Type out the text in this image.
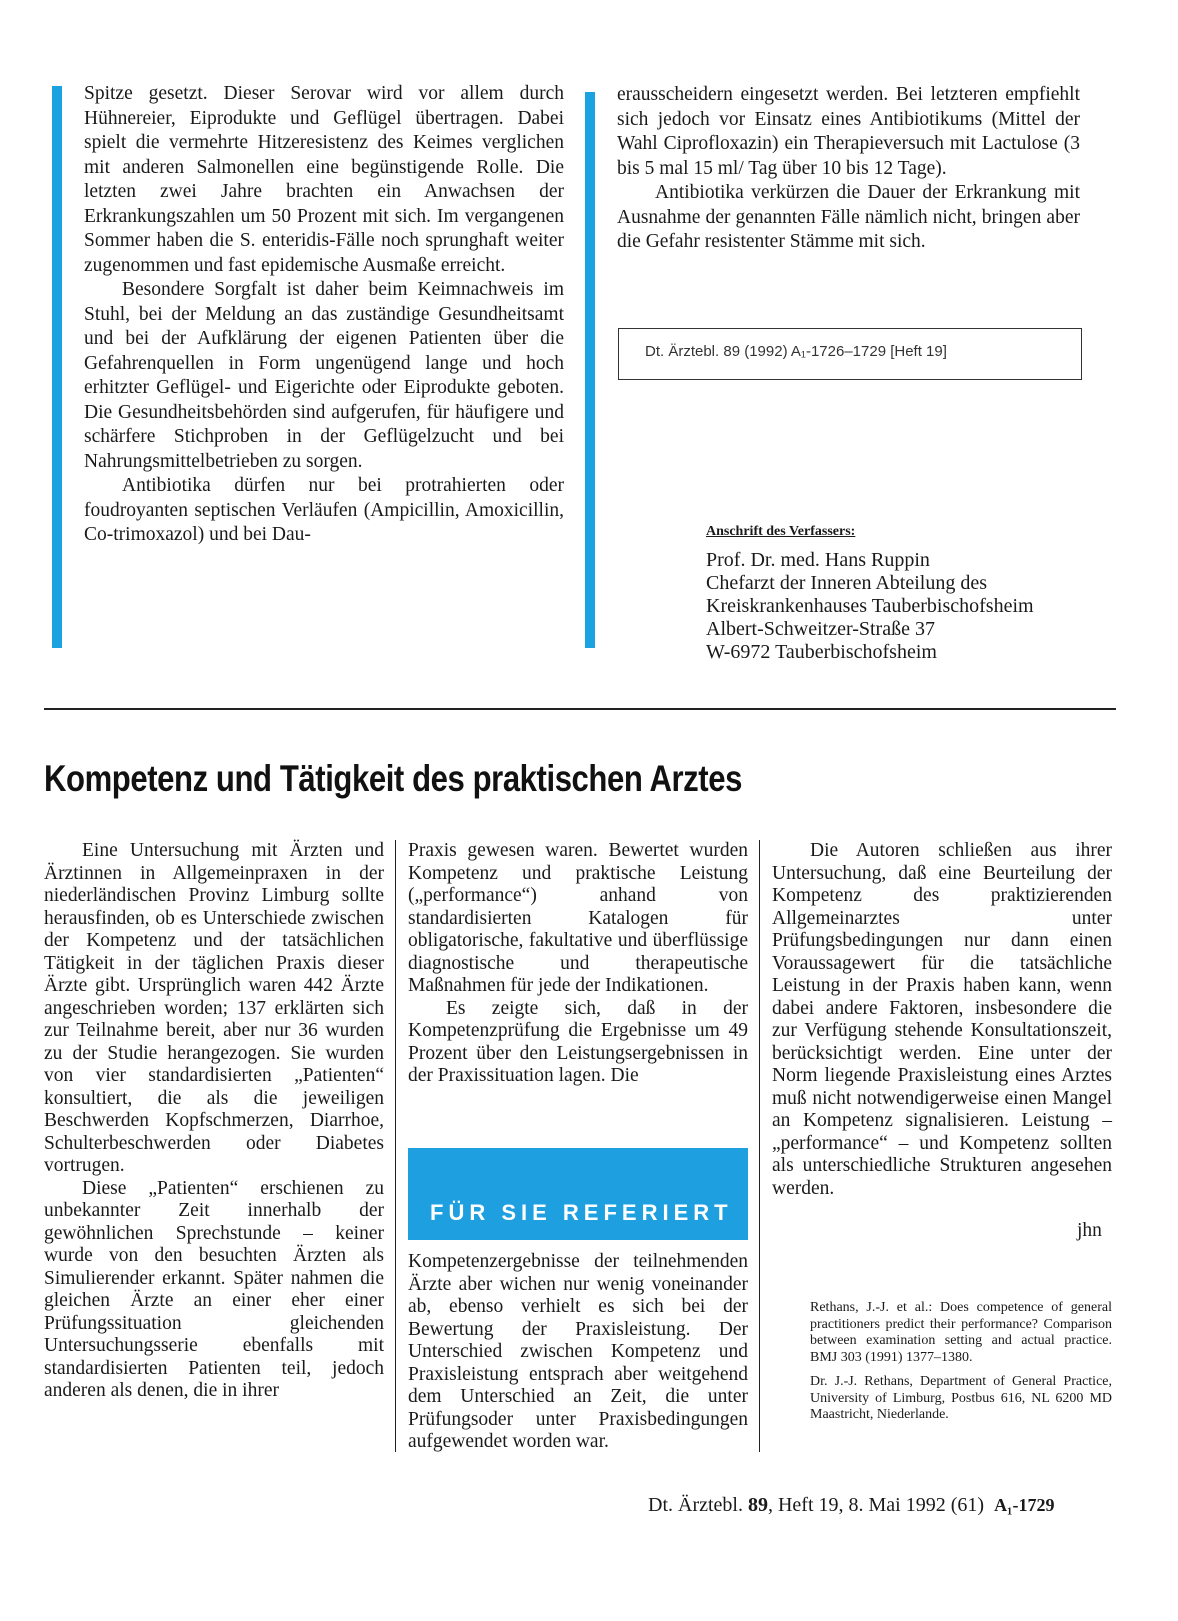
Spitze gesetzt. Dieser Serovar wird vor allem durch Hühnereier, Eiprodukte und Geflügel übertragen. Dabei spielt die vermehrte Hitzeresistenz des Keimes verglichen mit anderen Salmonellen eine begünstigende Rolle. Die letzten zwei Jahre brachten ein Anwachsen der Erkrankungszahlen um 50 Prozent mit sich. Im vergangenen Sommer haben die S. enteridis-Fälle noch sprunghaft weiter zugenommen und fast epidemische Ausmaße erreicht.

Besondere Sorgfalt ist daher beim Keimnachweis im Stuhl, bei der Meldung an das zuständige Gesundheitsamt und bei der Aufklärung der eigenen Patienten über die Gefahrenquellen in Form ungenügend lange und hoch erhitzter Geflügel- und Eigerichte oder Eiprodukte geboten. Die Gesundheitsbehörden sind aufgerufen, für häufigere und schärfere Stichproben in der Geflügelzucht und bei Nahrungsmittelbetrieben zu sorgen.

Antibiotika dürfen nur bei protrahierten oder foudroyanten septischen Verläufen (Ampicillin, Amoxicillin, Co-trimoxazol) und bei Dau-

erausscheidern eingesetzt werden. Bei letzteren empfiehlt sich jedoch vor Einsatz eines Antibiotikums (Mittel der Wahl Ciprofloxazin) ein Therapieversuch mit Lactulose (3 bis 5 mal 15 ml/ Tag über 10 bis 12 Tage).

Antibiotika verkürzen die Dauer der Erkrankung mit Ausnahme der genannten Fälle nämlich nicht, bringen aber die Gefahr resistenter Stämme mit sich.

Dt. Ärztebl. 89 (1992) A₁-1726–1729 [Heft 19]
Anschrift des Verfassers:
Prof. Dr. med. Hans Ruppin
Chefarzt der Inneren Abteilung des
Kreiskrankenhauses Tauberbischofsheim
Albert-Schweitzer-Straße 37
W-6972 Tauberbischofsheim
Kompetenz und Tätigkeit des praktischen Arztes

Eine Untersuchung mit Ärzten und Ärztinnen in Allgemeinpraxen in der niederländischen Provinz Limburg sollte herausfinden, ob es Unterschiede zwischen der Kompetenz und der tatsächlichen Tätigkeit in der täglichen Praxis dieser Ärzte gibt. Ursprünglich waren 442 Ärzte angeschrieben worden; 137 erklärten sich zur Teilnahme bereit, aber nur 36 wurden zu der Studie herangezogen. Sie wurden von vier standardisierten „Patienten“ konsultiert, die als die jeweiligen Beschwerden Kopfschmerzen, Diarrhoe, Schulterbeschwerden oder Diabetes vortrugen.

Diese „Patienten“ erschienen zu unbekannter Zeit innerhalb der gewöhnlichen Sprechstunde – keiner wurde von den besuchten Ärzten als Simulierender erkannt. Später nahmen die gleichen Ärzte an einer eher einer Prüfungssituation gleichenden Untersuchungsserie ebenfalls mit standardisierten Patienten teil, jedoch anderen als denen, die in ihrer

Praxis gewesen waren. Bewertet wurden Kompetenz und praktische Leistung („performance“) anhand von standardisierten Katalogen für obligatorische, fakultative und überflüssige diagnostische und therapeutische Maßnahmen für jede der Indikationen.

Es zeigte sich, daß in der Kompetenzprüfung die Ergebnisse um 49 Prozent über den Leistungsergebnissen in der Praxissituation lagen. Die

FÜR SIE REFERIERT

Kompetenzergebnisse der teilnehmenden Ärzte aber wichen nur wenig voneinander ab, ebenso verhielt es sich bei der Bewertung der Praxisleistung. Der Unterschied zwischen Kompetenz und Praxisleistung entsprach aber weitgehend dem Unterschied an Zeit, die unter Prüfungsoder unter Praxisbedingungen aufgewendet worden war.

Die Autoren schließen aus ihrer Untersuchung, daß eine Beurteilung der Kompetenz des praktizierenden Allgemeinarztes unter Prüfungsbedingungen nur dann einen Voraussagewert für die tatsächliche Leistung in der Praxis haben kann, wenn dabei andere Faktoren, insbesondere die zur Verfügung stehende Konsultationszeit, berücksichtigt werden. Eine unter der Norm liegende Praxisleistung eines Arztes muß nicht notwendigerweise einen Mangel an Kompetenz signalisieren. Leistung – „performance“ – und Kompetenz sollten als unterschiedliche Strukturen angesehen werden.

jhn

Rethans, J.-J. et al.: Does competence of general practitioners predict their performance? Comparison between examination setting and actual practice. BMJ 303 (1991) 1377–1380.

Dr. J.-J. Rethans, Department of General Practice, University of Limburg, Postbus 616, NL 6200 MD Maastricht, Niederlande.

Dt. Ärztebl. 89, Heft 19, 8. Mai 1992 (61) A₁-1729
